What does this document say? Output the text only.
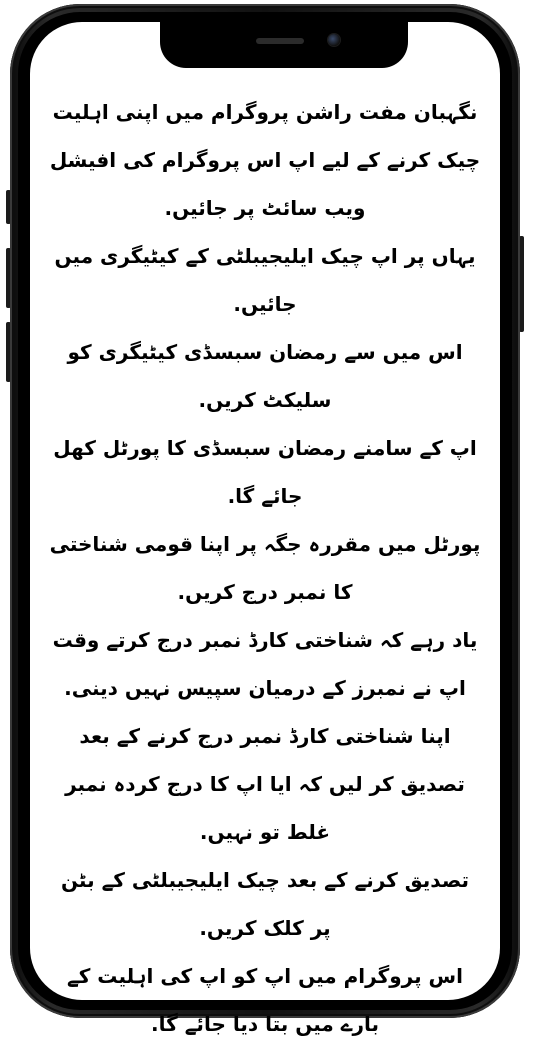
نگہبان مفت راشن پروگرام میں اپنی اہلیت چیک کرنے کے لیے اپ اس پروگرام کی افیشل ویب سائٹ پر جائیں.

یہاں پر اپ چیک ایلیجیبلٹی کے کیٹیگری میں جائیں.

اس میں سے رمضان سبسڈی کیٹیگری کو سلیکٹ کریں.

اپ کے سامنے رمضان سبسڈی کا پورٹل کھل جائے گا.

پورٹل میں مقررہ جگہ پر اپنا قومی شناختی کا نمبر درج کریں.

یاد رہے کہ شناختی کارڈ نمبر درج کرتے وقت اپ نے نمبرز کے درمیان سپیس نہیں دینی.

اپنا شناختی کارڈ نمبر درج کرنے کے بعد تصدیق کر لیں کہ ایا اپ کا درج کردہ نمبر غلط تو نہیں.

تصدیق کرنے کے بعد چیک ایلیجیبلٹی کے بٹن پر کلک کریں.

اس پروگرام میں اپ کو اپ کی اہلیت کے بارے میں بتا دیا جائے گا.
